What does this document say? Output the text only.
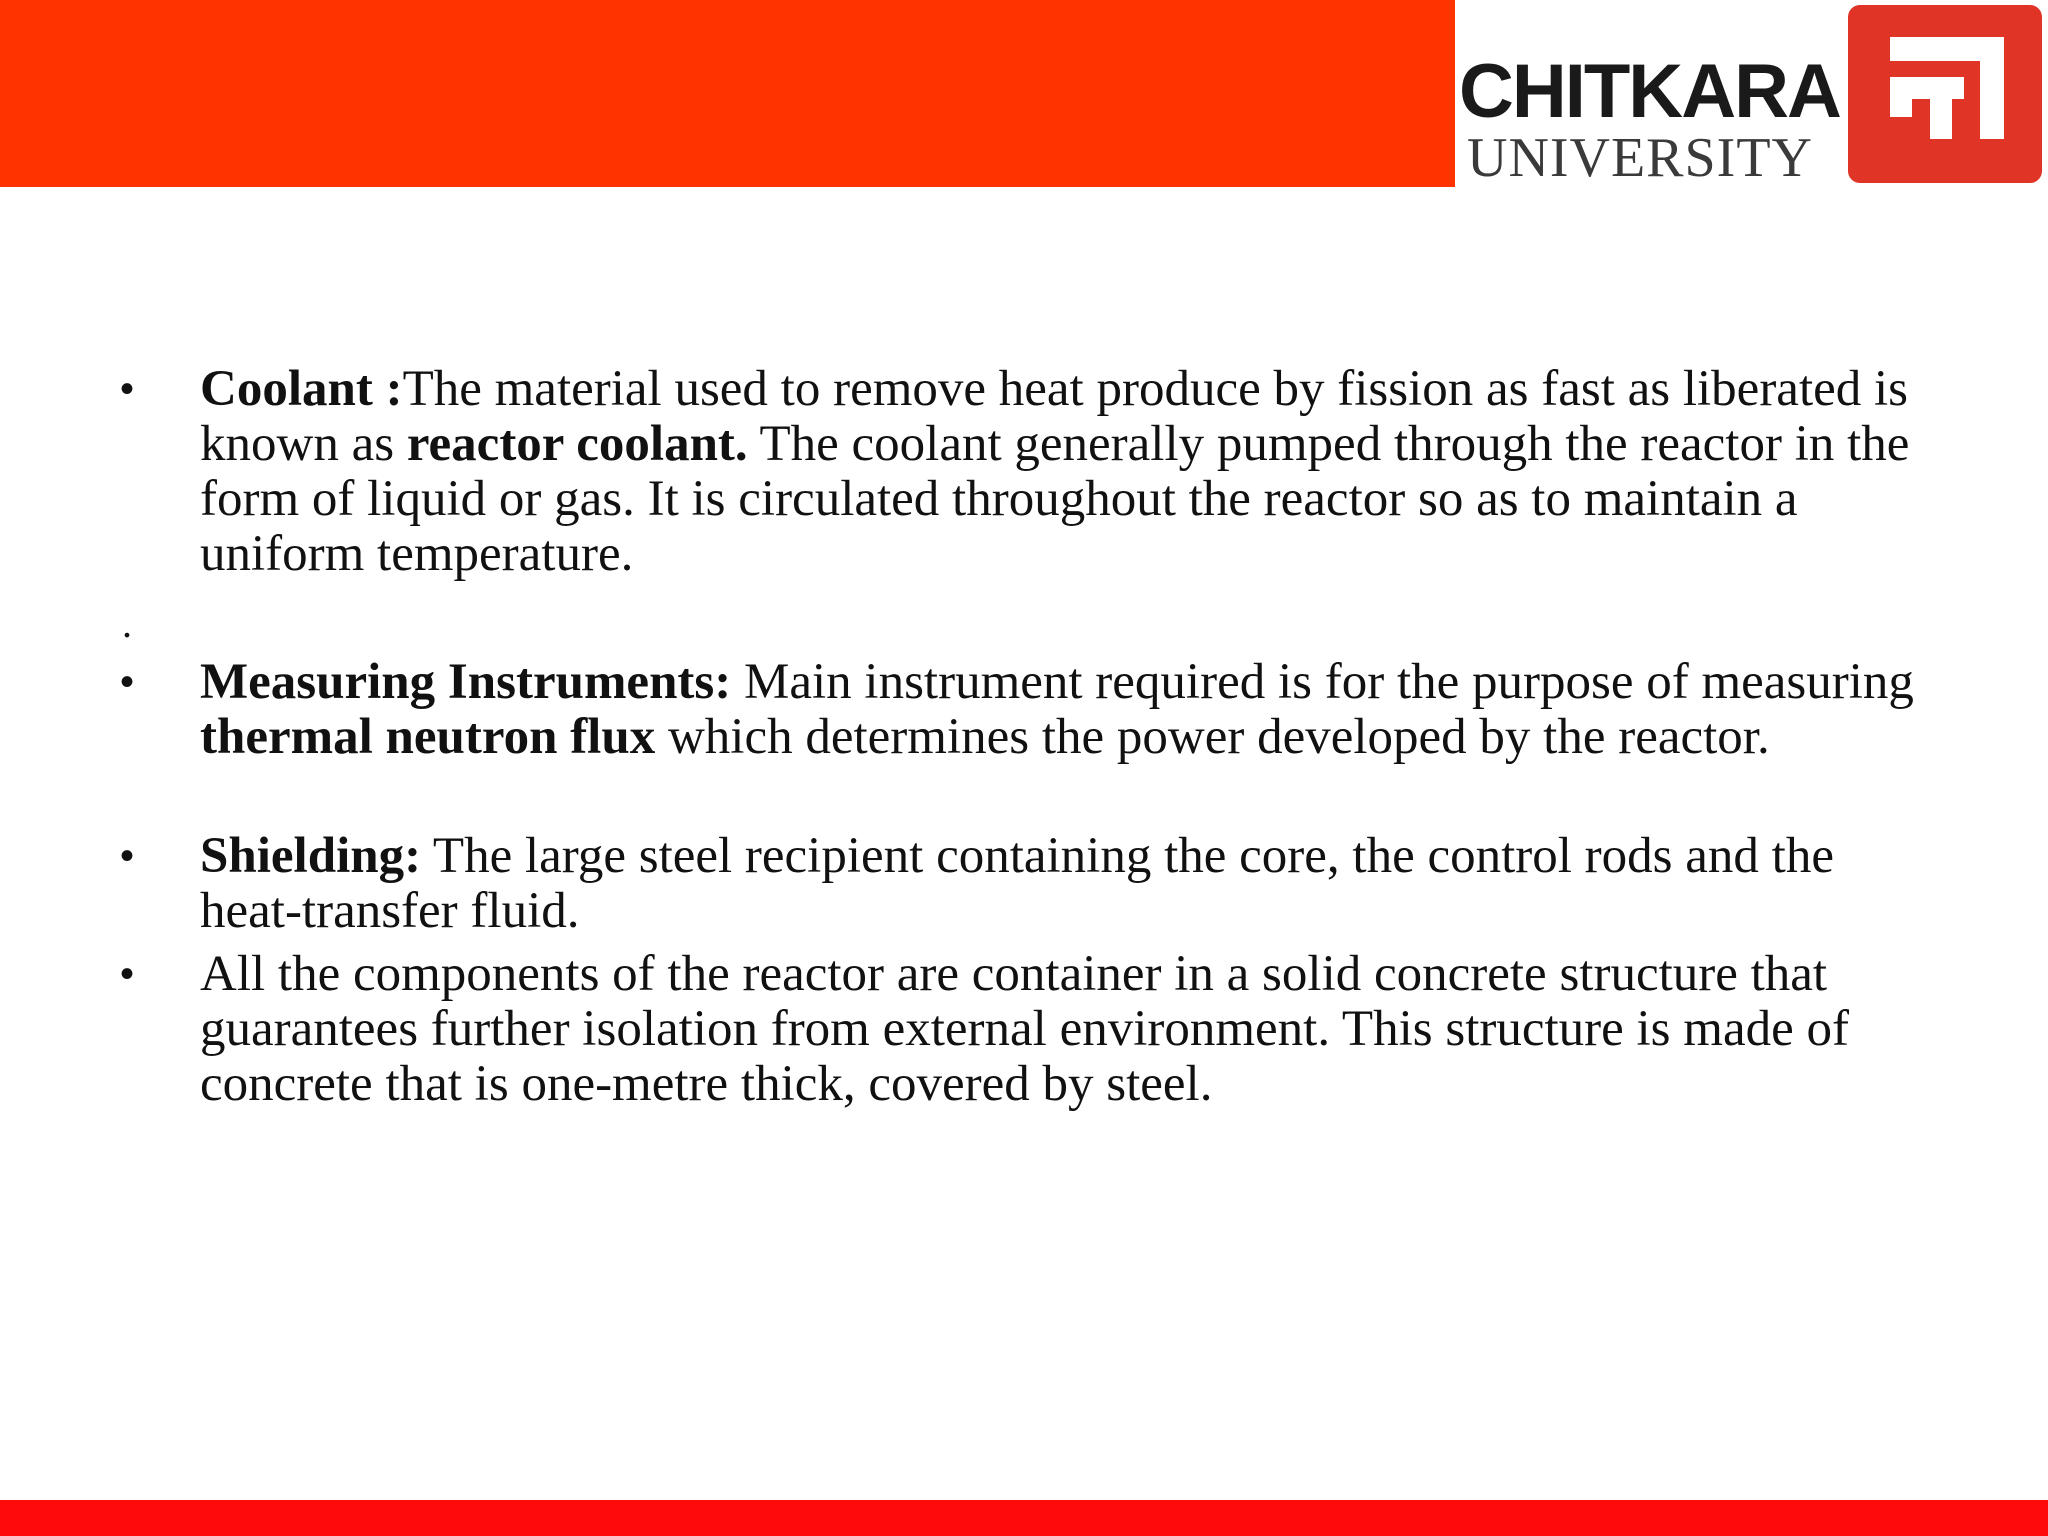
CHITKARA
UNIVERSITY
•	Coolant :The material used to remove heat produce by fission as fast as liberated is known as reactor coolant. The coolant generally pumped through the reactor in the form of liquid or gas. It is circulated throughout the reactor so as to maintain a uniform temperature.
.
•	Measuring Instruments: Main instrument required is for the purpose of measuring thermal neutron flux which determines the power developed by the reactor.
•	Shielding: The large steel recipient containing the core, the control rods and the heat-transfer fluid.
•	All the components of the reactor are container in a solid concrete structure that guarantees further isolation from external environment. This structure is made of concrete that is one-metre thick, covered by steel.
